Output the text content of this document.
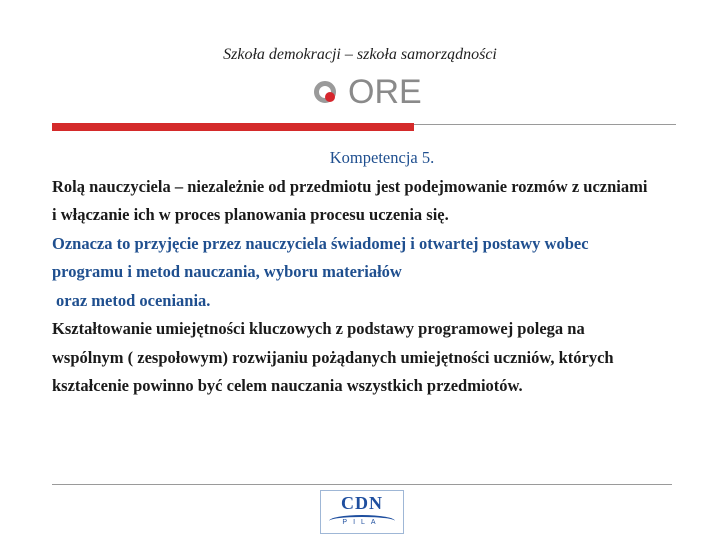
Szkoła demokracji – szkoła samorządności
ORE

Kompetencja 5.

Rolą nauczyciela – niezależnie od przedmiotu jest podejmowanie rozmów z uczniami i włączanie ich w proces planowania procesu uczenia się.

Oznacza to przyjęcie przez nauczyciela świadomej i otwartej postawy wobec programu i metod nauczania, wyboru materiałów
oraz metod oceniania.

Kształtowanie umiejętności kluczowych z podstawy programowej polega na wspólnym ( zespołowym) rozwijaniu pożądanych umiejętności uczniów, których kształcenie powinno być celem nauczania wszystkich przedmiotów.

CDN
PILA
